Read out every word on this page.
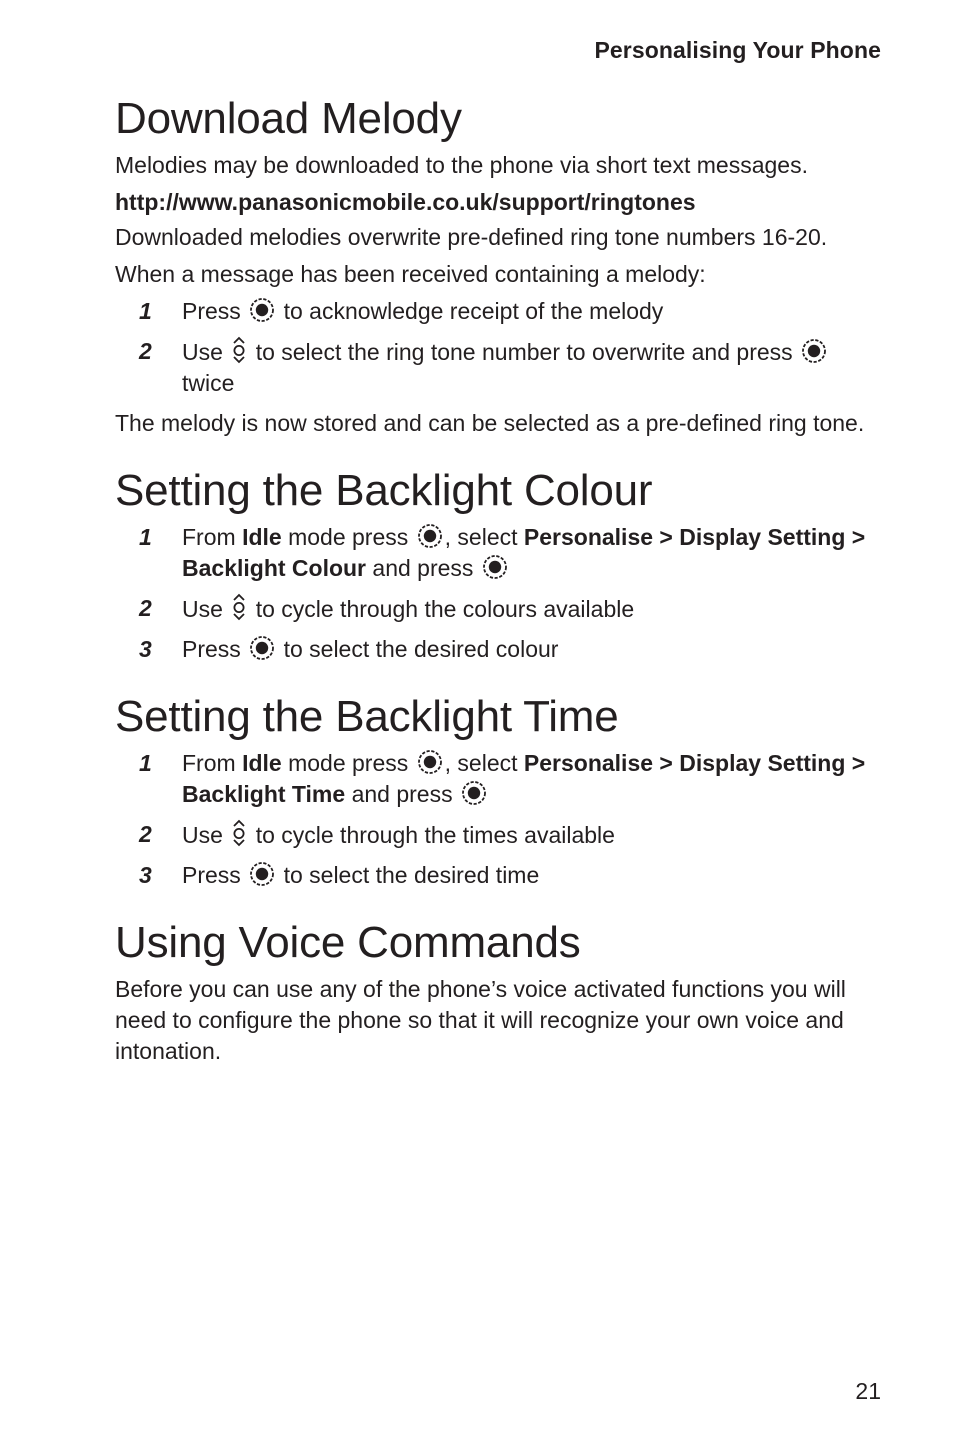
Personalising Your Phone
Download Melody

Melodies may be downloaded to the phone via short text messages.

http://www.panasonicmobile.co.uk/support/ringtones

Downloaded melodies overwrite pre-defined ring tone numbers 16-20.

When a message has been received containing a melody:

1 Press to acknowledge receipt of the melody
2 Use to select the ring tone number to overwrite and press
twice

The melody is now stored and can be selected as a pre-defined ring tone.

Setting the Backlight Colour
1 From Idle mode press , select Personalise > Display Setting > Backlight Colour and press
2 Use to cycle through the colours available
3 Press to select the desired colour
Setting the Backlight Time
1 From Idle mode press , select Personalise > Display Setting > Backlight Time and press
2 Use to cycle through the times available
3 Press to select the desired time
Using Voice Commands

Before you can use any of the phone’s voice activated functions you will need to configure the phone so that it will recognize your own voice and intonation.

21
